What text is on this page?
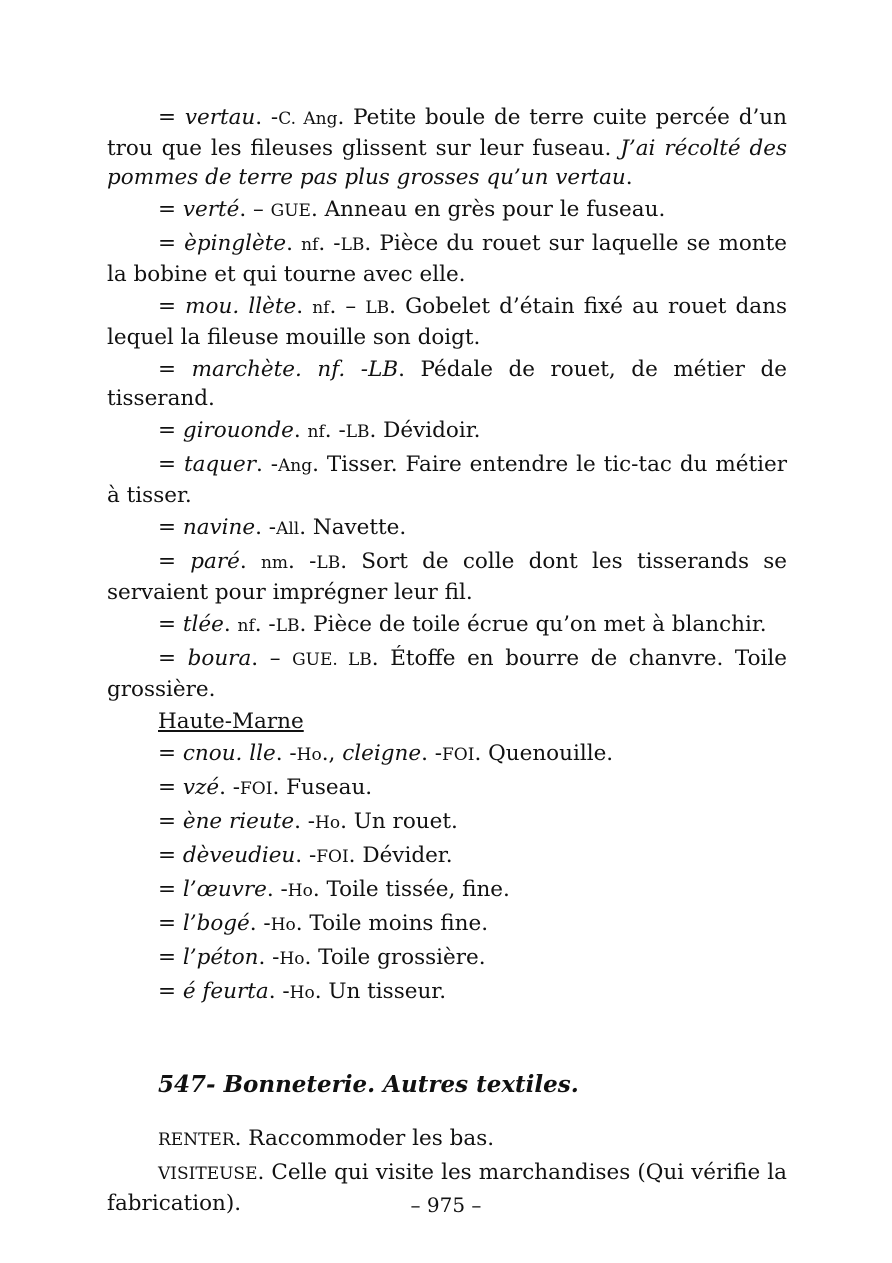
= vertau. -C. Ang. Petite boule de terre cuite percée d’un trou que les fileuses glissent sur leur fuseau. J’ai récolté des pommes de terre pas plus grosses qu’un vertau.

= verté. – GUE. Anneau en grès pour le fuseau.

= èpinglète. nf. -LB. Pièce du rouet sur laquelle se monte la bobine et qui tourne avec elle.

= mou. llète. nf. – LB. Gobelet d’étain fixé au rouet dans lequel la fileuse mouille son doigt.

= marchète. nf. -LB. Pédale de rouet, de métier de tisserand.

= girouonde. nf. -LB. Dévidoir.

= taquer. -Ang. Tisser. Faire entendre le tic-tac du métier à tisser.

= navine. -All. Navette.

= paré. nm. -LB. Sort de colle dont les tisserands se servaient pour imprégner leur fil.

= tlée. nf. -LB. Pièce de toile écrue qu’on met à blanchir.

= boura. – GUE. LB. Étoffe en bourre de chanvre. Toile grossière.

Haute-Marne

= cnou. lle. -Ho., cleigne. -FOI. Quenouille.

= vzé. -FOI. Fuseau.

= ène rieute. -Ho. Un rouet.

= dèveudieu. -FOI. Dévider.

= l’œuvre. -Ho. Toile tissée, fine.

= l’bogé. -Ho. Toile moins fine.

= l’péton. -Ho. Toile grossière.

= é feurta. -Ho. Un tisseur.

547- Bonneterie. Autres textiles.

RENTER. Raccommoder les bas.

VISITEUSE. Celle qui visite les marchandises (Qui vérifie la fabrication).	– 975 –
